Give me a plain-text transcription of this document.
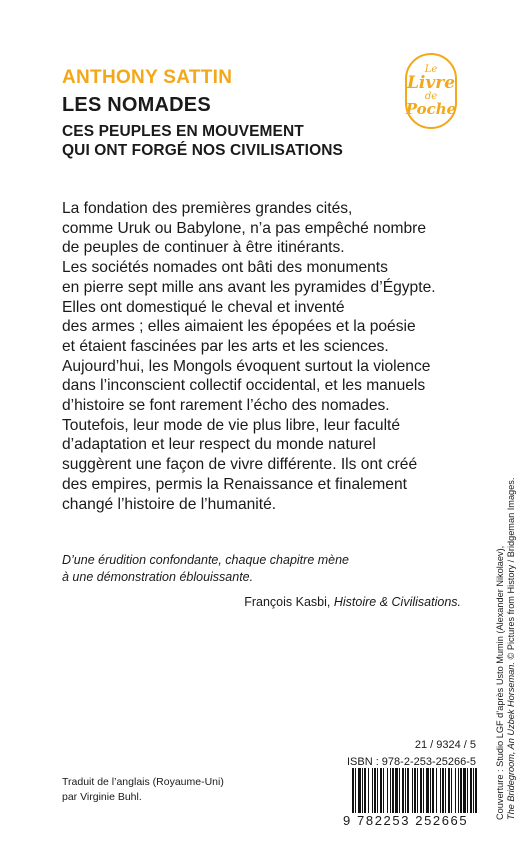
ANTHONY SATTIN
LES NOMADES
CES PEUPLES EN MOUVEMENT
QUI ONT FORGÉ NOS CIVILISATIONS
Le
Livre
de
Poche
La fondation des premières grandes cités,
comme Uruk ou Babylone, n’a pas empêché nombre
de peuples de continuer à être itinérants.
Les sociétés nomades ont bâti des monuments
en pierre sept mille ans avant les pyramides d’Égypte.
Elles ont domestiqué le cheval et inventé
des armes ; elles aimaient les épopées et la poésie
et étaient fascinées par les arts et les sciences.
Aujourd’hui, les Mongols évoquent surtout la violence
dans l’inconscient collectif occidental, et les manuels
d’histoire se font rarement l’écho des nomades.
Toutefois, leur mode de vie plus libre, leur faculté
d’adaptation et leur respect du monde naturel
suggèrent une façon de vivre différente. Ils ont créé
des empires, permis la Renaissance et finalement
changé l’histoire de l’humanité.
D’une érudition confondante, chaque chapitre mène
à une démonstration éblouissante.
François Kasbi, Histoire & Civilisations.
Traduit de l’anglais (Royaume-Uni)
par Virginie Buhl.
21 / 9324 / 5
ISBN : 978-2-253-25266-5
9 782253 252665
Couverture : Studio LGF d’après Usto Mumin (Alexander Nikolaev), The Bridegroom, An Uzbek Horseman. © Pictures from History / Bridgeman Images.
